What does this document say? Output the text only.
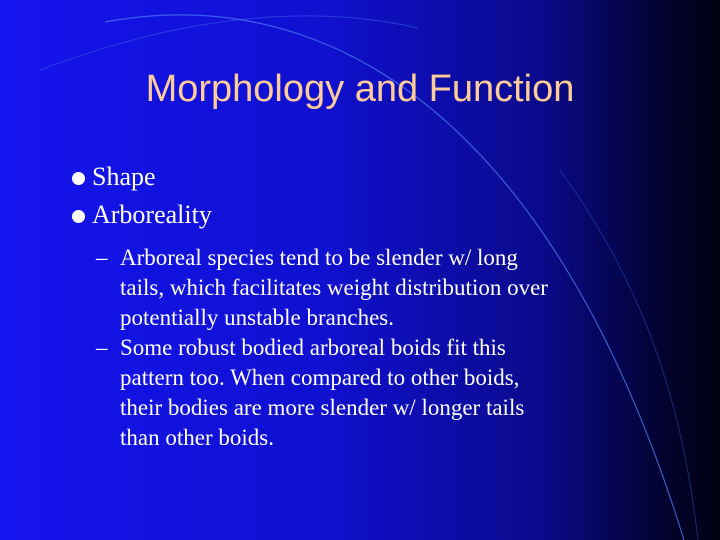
Morphology and Function
Shape
Arboreality
– Arboreal species tend to be slender w/ long
tails, which facilitates weight distribution over
potentially unstable branches.
– Some robust bodied arboreal boids fit this
pattern too. When compared to other boids,
their bodies are more slender w/ longer tails
than other boids.
